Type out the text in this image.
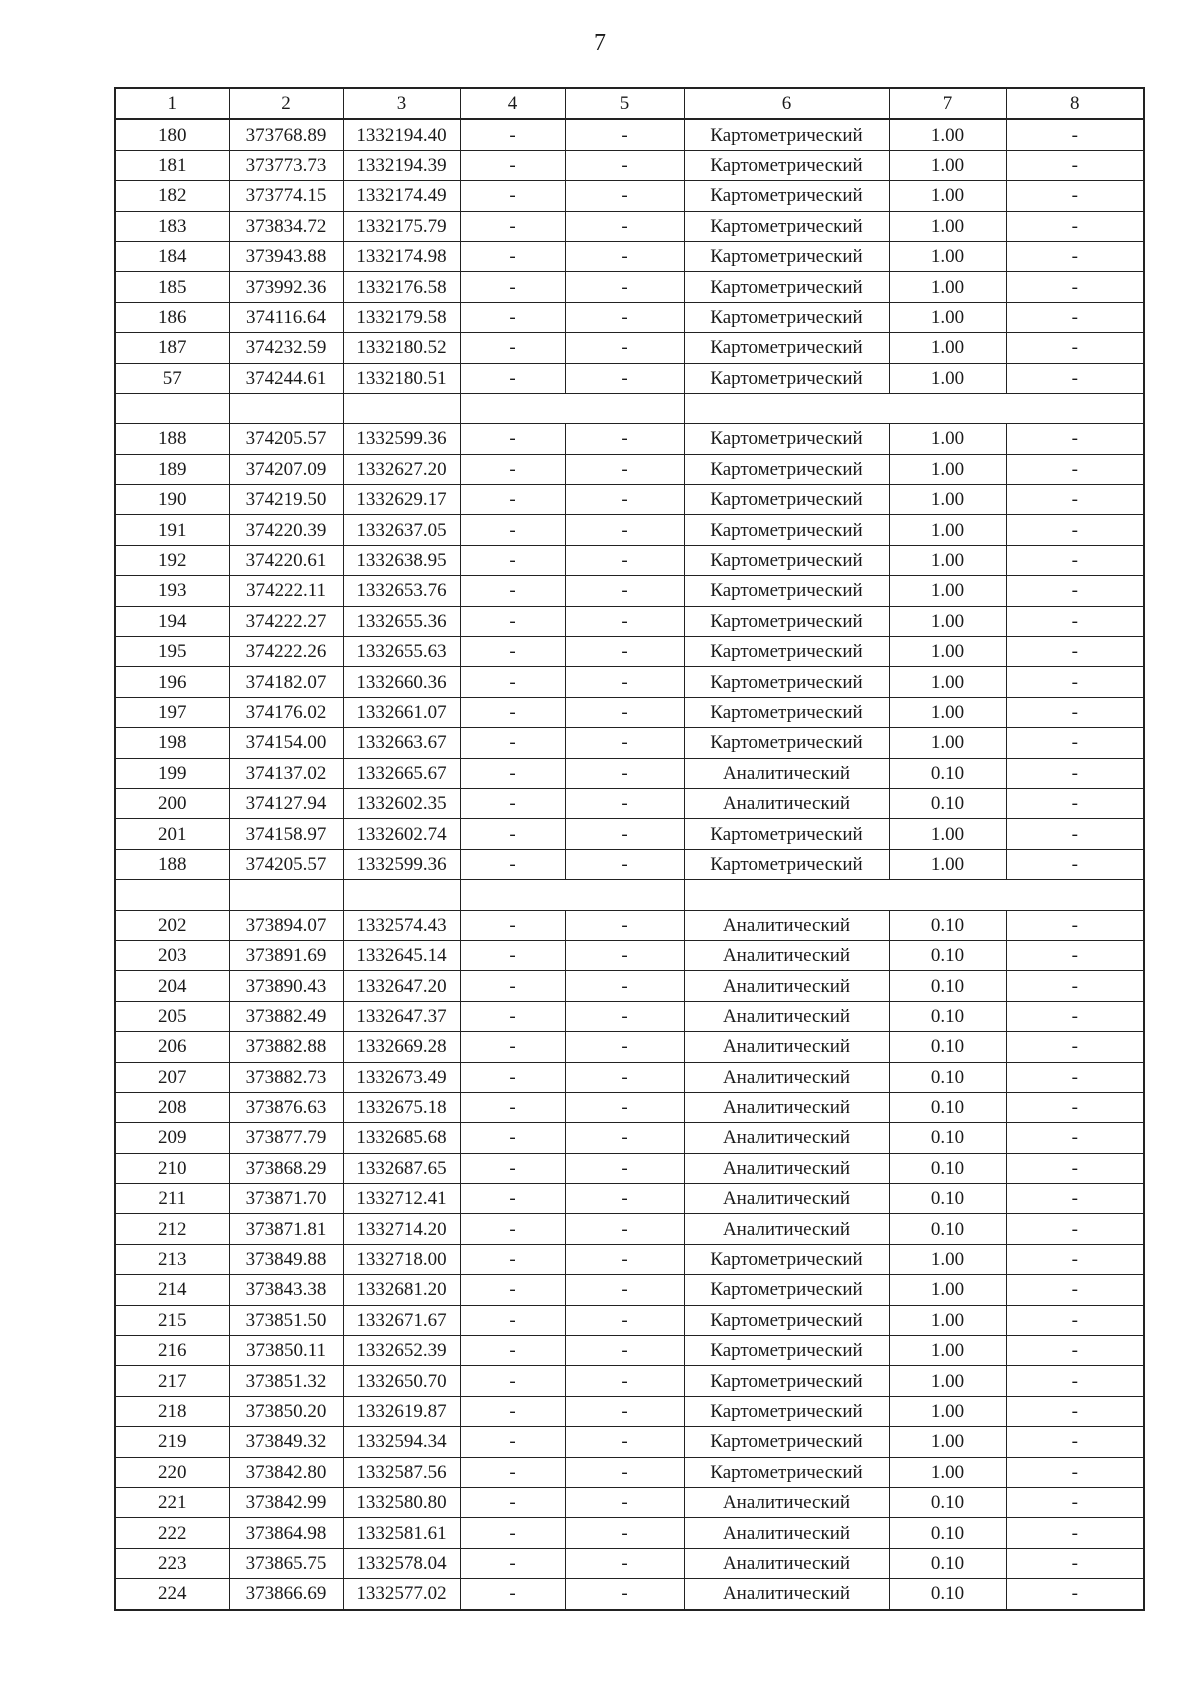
7
1	2	3	4	5	6	7	8
180	373768.89	1332194.40	-	-	Картометрический	1.00	-
181	373773.73	1332194.39	-	-	Картометрический	1.00	-
182	373774.15	1332174.49	-	-	Картометрический	1.00	-
183	373834.72	1332175.79	-	-	Картометрический	1.00	-
184	373943.88	1332174.98	-	-	Картометрический	1.00	-
185	373992.36	1332176.58	-	-	Картометрический	1.00	-
186	374116.64	1332179.58	-	-	Картометрический	1.00	-
187	374232.59	1332180.52	-	-	Картометрический	1.00	-
57	374244.61	1332180.51	-	-	Картометрический	1.00	-

188	374205.57	1332599.36	-	-	Картометрический	1.00	-
189	374207.09	1332627.20	-	-	Картометрический	1.00	-
190	374219.50	1332629.17	-	-	Картометрический	1.00	-
191	374220.39	1332637.05	-	-	Картометрический	1.00	-
192	374220.61	1332638.95	-	-	Картометрический	1.00	-
193	374222.11	1332653.76	-	-	Картометрический	1.00	-
194	374222.27	1332655.36	-	-	Картометрический	1.00	-
195	374222.26	1332655.63	-	-	Картометрический	1.00	-
196	374182.07	1332660.36	-	-	Картометрический	1.00	-
197	374176.02	1332661.07	-	-	Картометрический	1.00	-
198	374154.00	1332663.67	-	-	Картометрический	1.00	-
199	374137.02	1332665.67	-	-	Аналитический	0.10	-
200	374127.94	1332602.35	-	-	Аналитический	0.10	-
201	374158.97	1332602.74	-	-	Картометрический	1.00	-
188	374205.57	1332599.36	-	-	Картометрический	1.00	-

202	373894.07	1332574.43	-	-	Аналитический	0.10	-
203	373891.69	1332645.14	-	-	Аналитический	0.10	-
204	373890.43	1332647.20	-	-	Аналитический	0.10	-
205	373882.49	1332647.37	-	-	Аналитический	0.10	-
206	373882.88	1332669.28	-	-	Аналитический	0.10	-
207	373882.73	1332673.49	-	-	Аналитический	0.10	-
208	373876.63	1332675.18	-	-	Аналитический	0.10	-
209	373877.79	1332685.68	-	-	Аналитический	0.10	-
210	373868.29	1332687.65	-	-	Аналитический	0.10	-
211	373871.70	1332712.41	-	-	Аналитический	0.10	-
212	373871.81	1332714.20	-	-	Аналитический	0.10	-
213	373849.88	1332718.00	-	-	Картометрический	1.00	-
214	373843.38	1332681.20	-	-	Картометрический	1.00	-
215	373851.50	1332671.67	-	-	Картометрический	1.00	-
216	373850.11	1332652.39	-	-	Картометрический	1.00	-
217	373851.32	1332650.70	-	-	Картометрический	1.00	-
218	373850.20	1332619.87	-	-	Картометрический	1.00	-
219	373849.32	1332594.34	-	-	Картометрический	1.00	-
220	373842.80	1332587.56	-	-	Картометрический	1.00	-
221	373842.99	1332580.80	-	-	Аналитический	0.10	-
222	373864.98	1332581.61	-	-	Аналитический	0.10	-
223	373865.75	1332578.04	-	-	Аналитический	0.10	-
224	373866.69	1332577.02	-	-	Аналитический	0.10	-
